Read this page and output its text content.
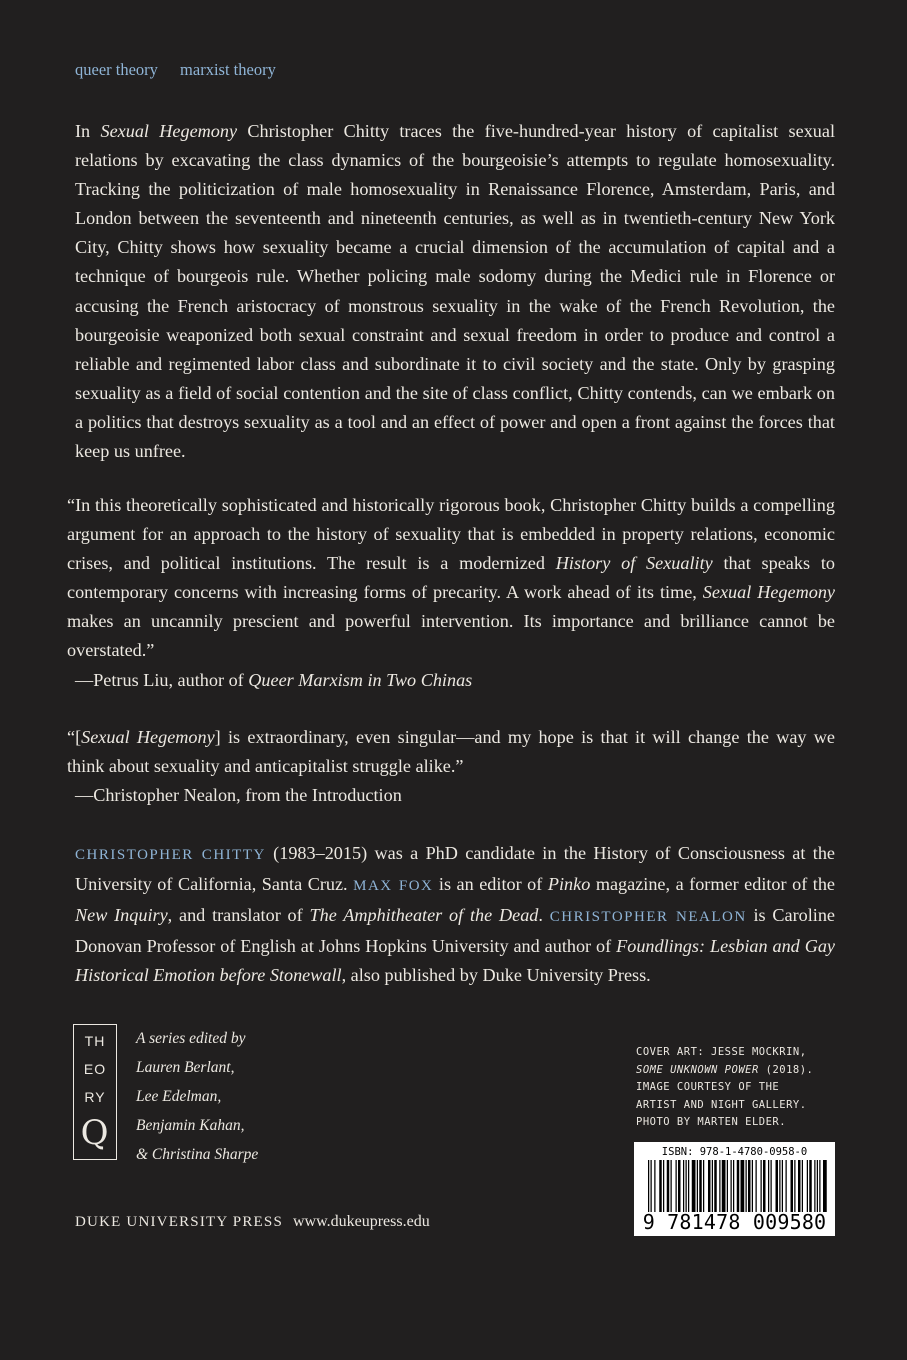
queer theory marxist theory
In Sexual Hegemony Christopher Chitty traces the five-hundred-year history of capitalist sexual relations by excavating the class dynamics of the bourgeoisie’s attempts to regulate homosexuality. Tracking the politicization of male homosexuality in Renaissance Florence, Amsterdam, Paris, and London between the seventeenth and nineteenth centuries, as well as in twentieth-century New York City, Chitty shows how sexuality became a crucial dimension of the accumulation of capital and a technique of bourgeois rule. Whether policing male sodomy during the Medici rule in Florence or accusing the French aristocracy of monstrous sexuality in the wake of the French Revolution, the bourgeoisie weaponized both sexual constraint and sexual freedom in order to produce and control a reliable and regimented labor class and subordinate it to civil society and the state. Only by grasping sexuality as a field of social contention and the site of class conflict, Chitty contends, can we embark on a politics that destroys sexuality as a tool and an effect of power and open a front against the forces that keep us unfree.
“In this theoretically sophisticated and historically rigorous book, Christopher Chitty builds a compelling argument for an approach to the history of sexuality that is embedded in property relations, economic crises, and political institutions. The result is a modernized History of Sexuality that speaks to contemporary concerns with increasing forms of precarity. A work ahead of its time, Sexual Hegemony makes an uncannily prescient and powerful intervention. Its importance and brilliance cannot be overstated.”
—Petrus Liu, author of Queer Marxism in Two Chinas
“[Sexual Hegemony] is extraordinary, even singular—and my hope is that it will change the way we think about sexuality and anticapitalist struggle alike.”
—Christopher Nealon, from the Introduction
CHRISTOPHER CHITTY (1983–2015) was a PhD candidate in the History of Consciousness at the University of California, Santa Cruz. MAX FOX is an editor of Pinko magazine, a former editor of the New Inquiry, and translator of The Amphitheater of the Dead. CHRISTOPHER NEALON is Caroline Donovan Professor of English at Johns Hopkins University and author of Foundlings: Lesbian and Gay Historical Emotion before Stonewall, also published by Duke University Press.
TH
EO
RY
Q
A series edited by
Lauren Berlant,
Lee Edelman,
Benjamin Kahan,
& Christina Sharpe
DUKE UNIVERSITY PRESS www.dukeupress.edu
COVER ART: JESSE MOCKRIN,
SOME UNKNOWN POWER (2018).
IMAGE COURTESY OF THE
ARTIST AND NIGHT GALLERY.
PHOTO BY MARTEN ELDER.
ISBN: 978-1-4780-0958-0
9 781478 009580
